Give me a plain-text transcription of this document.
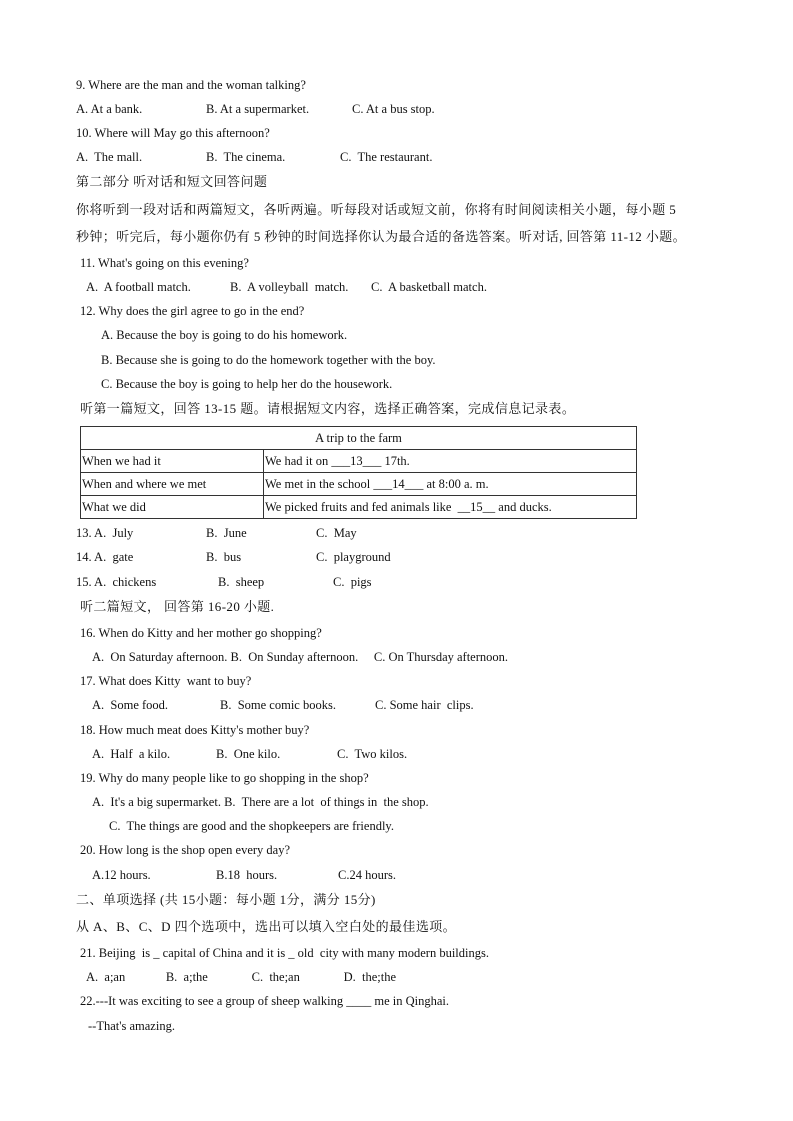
9. Where are the man and the woman talking?
A. At a bank.	B. At a supermarket.	C. At a bus stop.
10. Where will May go this afternoon?
A.  The mall.	B.  The cinema.	C.  The restaurant.
第二部分 听对话和短文回答问题
你将听到一段对话和两篇短文，各听两遍。听每段对话或短文前，你将有时间阅读相关小题，每小题 5
秒钟；听完后，每小题你仍有 5 秒钟的时间选择你认为最合适的备选答案。听对话, 回答第 11-12 小题。
11. What's going on this evening?
A.  A football match.	B.  A volleyball  match. C.  A basketball match.
12. Why does the girl agree to go in the end?
A. Because the boy is going to do his homework.
B. Because she is going to do the homework together with the boy.
C. Because the boy is going to help her do the housework.
听第一篇短文，回答 13-15 题。请根据短文内容，选择正确答案，完成信息记录表。
13. A.  July	B.  June	C.  May
14. A.  gate	B.  bus	C.  playground
15. A.  chickens	B.  sheep	C.  pigs
听二篇短文， 回答第 16-20 小题.
16. When do Kitty and her mother go shopping?
A.  On Saturday afternoon. B.  On Sunday afternoon.     C. On Thursday afternoon.
17. What does Kitty  want to buy?
A.  Some food.	B.  Some comic books.	C. Some hair  clips.
18. How much meat does Kitty's mother buy?
A.  Half  a kilo.	B.  One kilo.	C.  Two kilos.
19. Why do many people like to go shopping in the shop?
A.  It's a big supermarket. B.  There are a lot  of things in  the shop.
C.  The things are good and the shopkeepers are friendly.
20. How long is the shop open every day?
A.12 hours.	B.18  hours.	C.24 hours.
二、单项选择 (共 15小题：每小题 1分，满分 15分)
从 A、B、C、D 四个选项中，选出可以填入空白处的最佳选项。
21. Beijing  is _ capital of China and it is _ old  city with many modern buildings.
A.  a;an             B.  a;the              C.  the;an              D.  the;the
22.---It was exciting to see a group of sheep walking ____ me in Qinghai.
--That's amazing.
A trip to the farm	
When we had it	We had it on ___13___ 17th.
When and where we met	We met in the school ___14___ at 8:00 a. m.
What we did	We picked fruits and fed animals like  __15__ and ducks.
